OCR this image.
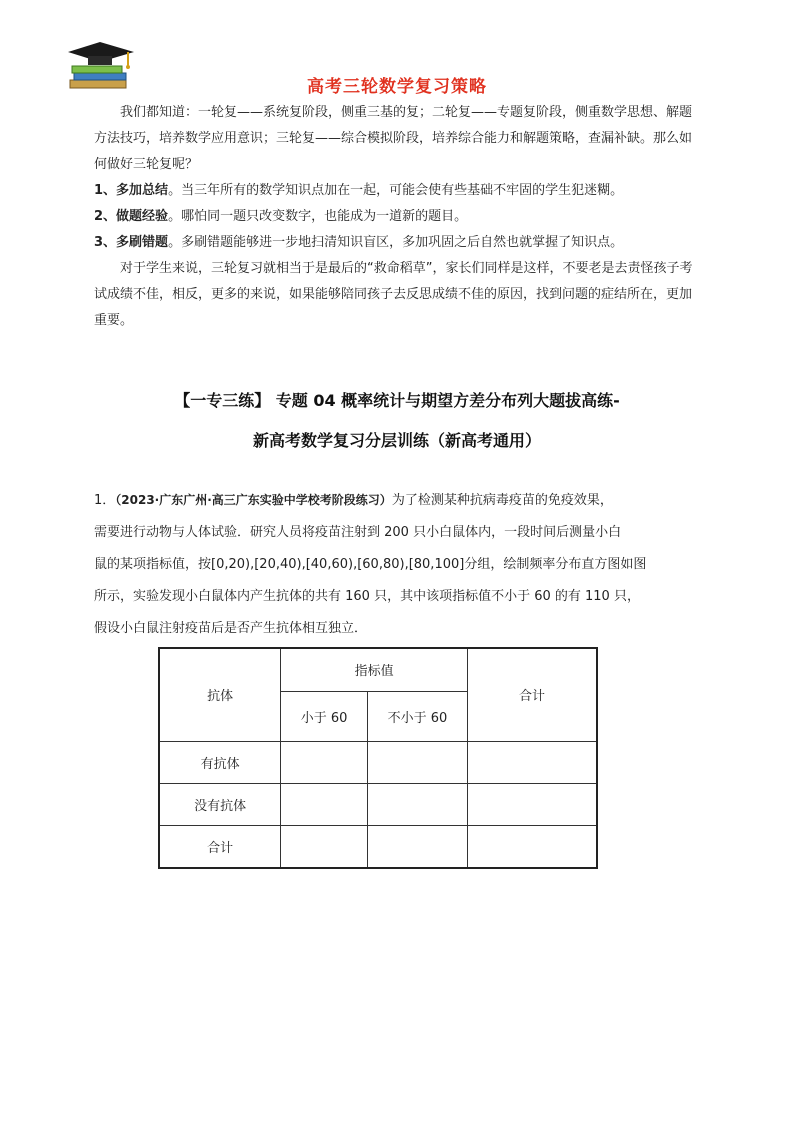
高考三轮数学复习策略

我们都知道：一轮复——系统复阶段，侧重三基的复；二轮复——专题复阶段，侧重数学思想、解题方法技巧，培养数学应用意识；三轮复——综合模拟阶段，培养综合能力和解题策略，查漏补缺。那么如何做好三轮复呢？

1、多加总结。当三年所有的数学知识点加在一起，可能会使有些基础不牢固的学生犯迷糊。

2、做题经验。哪怕同一题只改变数字，也能成为一道新的题目。

3、多刷错题。多刷错题能够进一步地扫清知识盲区，多加巩固之后自然也就掌握了知识点。

对于学生来说，三轮复习就相当于是最后的“救命稻草”，家长们同样是这样，不要老是去责怪孩子考试成绩不佳，相反，更多的来说，如果能够陪同孩子去反思成绩不佳的原因，找到问题的症结所在，更加重要。

【一专三练】 专题 04 概率统计与期望方差分布列大题拔高练-
新高考数学复习分层训练（新高考通用）

1．（2023·广东广州·高三广东实验中学校考阶段练习）为了检测某种抗病毒疫苗的免疫效果，

需要进行动物与人体试验．研究人员将疫苗注射到 200 只小白鼠体内，一段时间后测量小白

鼠的某项指标值，按[0,20),[20,40),[40,60),[60,80),[80,100]分组，绘制频率分布直方图如图

所示，实验发现小白鼠体内产生抗体的共有 160 只，其中该项指标值不小于 60 的有 110 只，

假设小白鼠注射疫苗后是否产生抗体相互独立．

抗体	指标值		合计
	小于 60	不小于 60	
有抗体			
没有抗体			
合计			
